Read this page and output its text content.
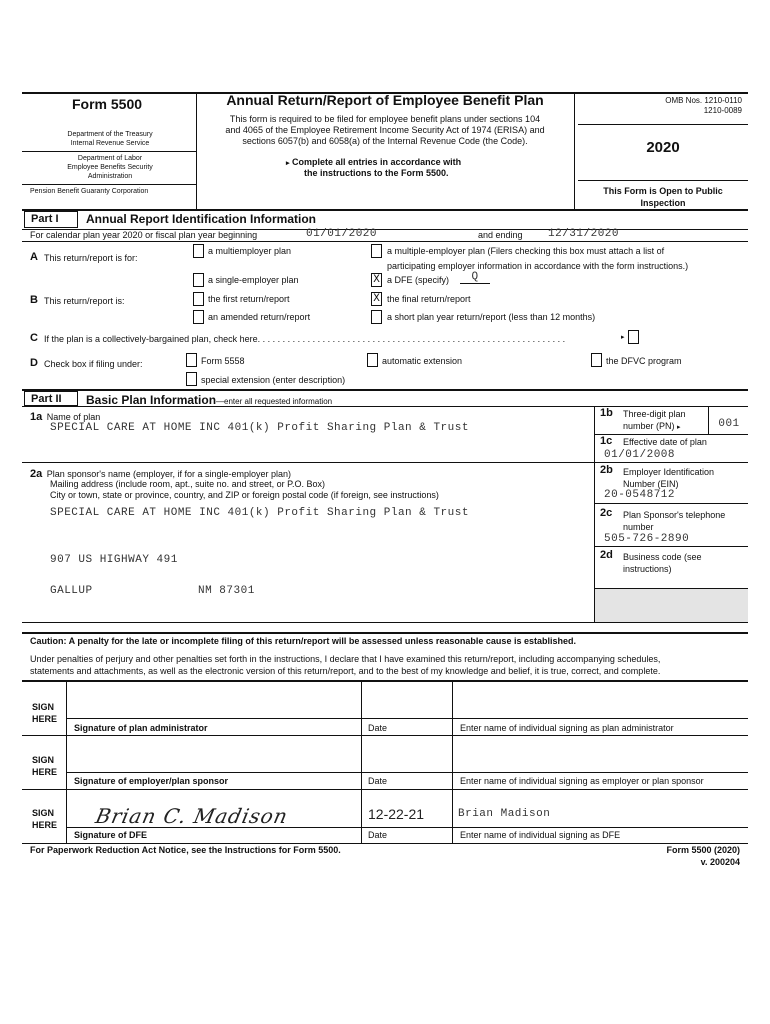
Form 5500
Department of the Treasury
Internal Revenue Service
Department of Labor
Employee Benefits Security
Administration
Pension Benefit Guaranty Corporation
Annual Return/Report of Employee Benefit Plan
This form is required to be filed for employee benefit plans under sections 104
and 4065 of the Employee Retirement Income Security Act of 1974 (ERISA) and
sections 6057(b) and 6058(a) of the Internal Revenue Code (the Code).
▸ Complete all entries in accordance with
the instructions to the Form 5500.
OMB Nos. 1210-0110
1210-0089
2020
This Form is Open to Public
Inspection
Part I	Annual Report Identification Information
For calendar plan year 2020 or fiscal plan year beginning	01/01/2020	and ending 12/31/2020
A This return/report is for:
a multiemployer plan	a multiple-employer plan (Filers checking this box must attach a list of
participating employer information in accordance with the form instructions.)
a single-employer plan	X a DFE (specify)	Q
B This return/report is:	the first return/report	X the final return/report
an amended return/report	a short plan year return/report (less than 12 months)
C If the plan is a collectively-bargained plan, check here. . . . . . . . . . . . . . . . . . . . . . . . . . . . . . . . . . . . . . . . . . . . . . . . . . . . . . . . . . . . . .	▸
D Check box if filing under:	Form 5558	automatic extension	the DFVC program
special extension (enter description)
Part II	Basic Plan Information—enter all requested information
1a Name of plan
SPECIAL CARE AT HOME INC 401(k) Profit Sharing Plan & Trust
1b Three-digit plan
number (PN) ▸	001
1c Effective date of plan
01/01/2008
2a Plan sponsor's name (employer, if for a single-employer plan)
Mailing address (include room, apt., suite no. and street, or P.O. Box)
City or town, state or province, country, and ZIP or foreign postal code (if foreign, see instructions)
SPECIAL CARE AT HOME INC 401(k) Profit Sharing Plan & Trust
907 US HIGHWAY 491
GALLUP	NM 87301
2b Employer Identification
Number (EIN)
20-0548712
2c Plan Sponsor's telephone
number
505-726-2890
2d Business code (see
instructions)
Caution: A penalty for the late or incomplete filing of this return/report will be assessed unless reasonable cause is established.
Under penalties of perjury and other penalties set forth in the instructions, I declare that I have examined this return/report, including accompanying schedules,
statements and attachments, as well as the electronic version of this return/report, and to the best of my knowledge and belief, it is true, correct, and complete.
SIGN
HERE
Signature of plan administrator	Date	Enter name of individual signing as plan administrator
SIGN
HERE
Signature of employer/plan sponsor	Date	Enter name of individual signing as employer or plan sponsor
SIGN
HERE Brian C. Madison	12-22-21	Brian Madison
Signature of DFE	Date	Enter name of individual signing as DFE
For Paperwork Reduction Act Notice, see the Instructions for Form 5500.	Form 5500 (2020)
v. 200204
